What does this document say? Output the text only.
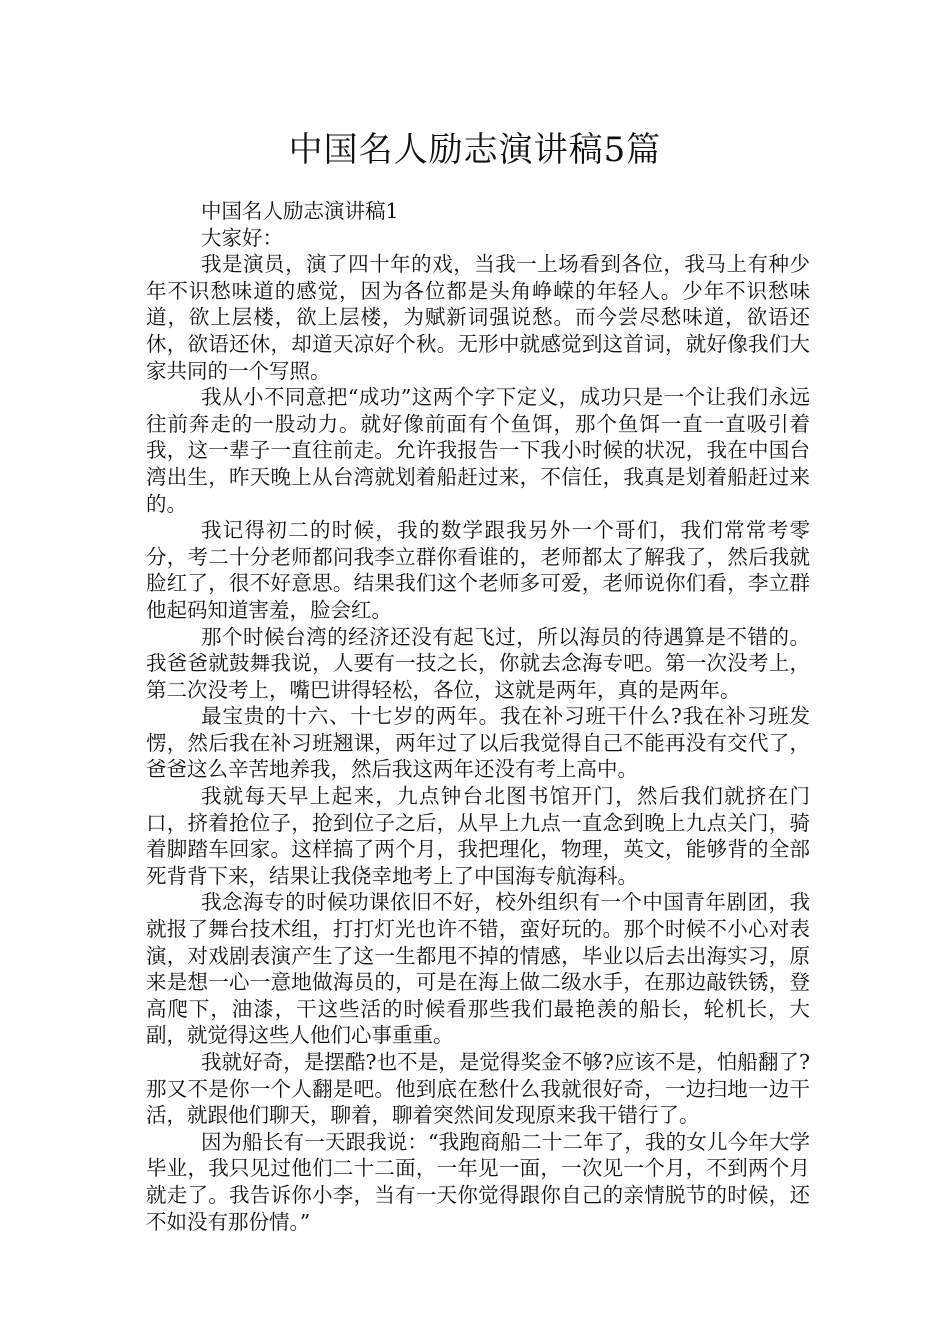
中国名人励志演讲稿5篇

中国名人励志演讲稿1

大家好：

我是演员，演了四十年的戏，当我一上场看到各位，我马上有种少年不识愁味道的感觉，因为各位都是头角峥嵘的年轻人。少年不识愁味道，欲上层楼，欲上层楼，为赋新词强说愁。而今尝尽愁味道，欲语还休，欲语还休，却道天凉好个秋。无形中就感觉到这首词，就好像我们大家共同的一个写照。

我从小不同意把“成功”这两个字下定义，成功只是一个让我们永远往前奔走的一股动力。就好像前面有个鱼饵，那个鱼饵一直一直吸引着我，这一辈子一直往前走。允许我报告一下我小时候的状况，我在中国台湾出生，昨天晚上从台湾就划着船赶过来，不信任，我真是划着船赶过来的。

我记得初二的时候，我的数学跟我另外一个哥们，我们常常考零分，考二十分老师都问我李立群你看谁的，老师都太了解我了，然后我就脸红了，很不好意思。结果我们这个老师多可爱，老师说你们看，李立群他起码知道害羞，脸会红。

那个时候台湾的经济还没有起飞过，所以海员的待遇算是不错的。我爸爸就鼓舞我说，人要有一技之长，你就去念海专吧。第一次没考上，第二次没考上，嘴巴讲得轻松，各位，这就是两年，真的是两年。

最宝贵的十六、十七岁的两年。我在补习班干什么?我在补习班发愣，然后我在补习班翘课，两年过了以后我觉得自己不能再没有交代了，爸爸这么辛苦地养我，然后我这两年还没有考上高中。

我就每天早上起来，九点钟台北图书馆开门，然后我们就挤在门口，挤着抢位子，抢到位子之后，从早上九点一直念到晚上九点关门，骑着脚踏车回家。这样搞了两个月，我把理化，物理，英文，能够背的全部死背背下来，结果让我侥幸地考上了中国海专航海科。

我念海专的时候功课依旧不好，校外组织有一个中国青年剧团，我就报了舞台技术组，打打灯光也许不错，蛮好玩的。那个时候不小心对表演，对戏剧表演产生了这一生都甩不掉的情感，毕业以后去出海实习，原来是想一心一意地做海员的，可是在海上做二级水手，在那边敲铁锈，登高爬下，油漆，干这些活的时候看那些我们最艳羡的船长，轮机长，大副，就觉得这些人他们心事重重。

我就好奇，是摆酷?也不是，是觉得奖金不够?应该不是，怕船翻了?那又不是你一个人翻是吧。他到底在愁什么我就很好奇，一边扫地一边干活，就跟他们聊天，聊着，聊着突然间发现原来我干错行了。

因为船长有一天跟我说：“我跑商船二十二年了，我的女儿今年大学毕业，我只见过他们二十二面，一年见一面，一次见一个月，不到两个月就走了。我告诉你小李，当有一天你觉得跟你自己的亲情脱节的时候，还不如没有那份情。”
